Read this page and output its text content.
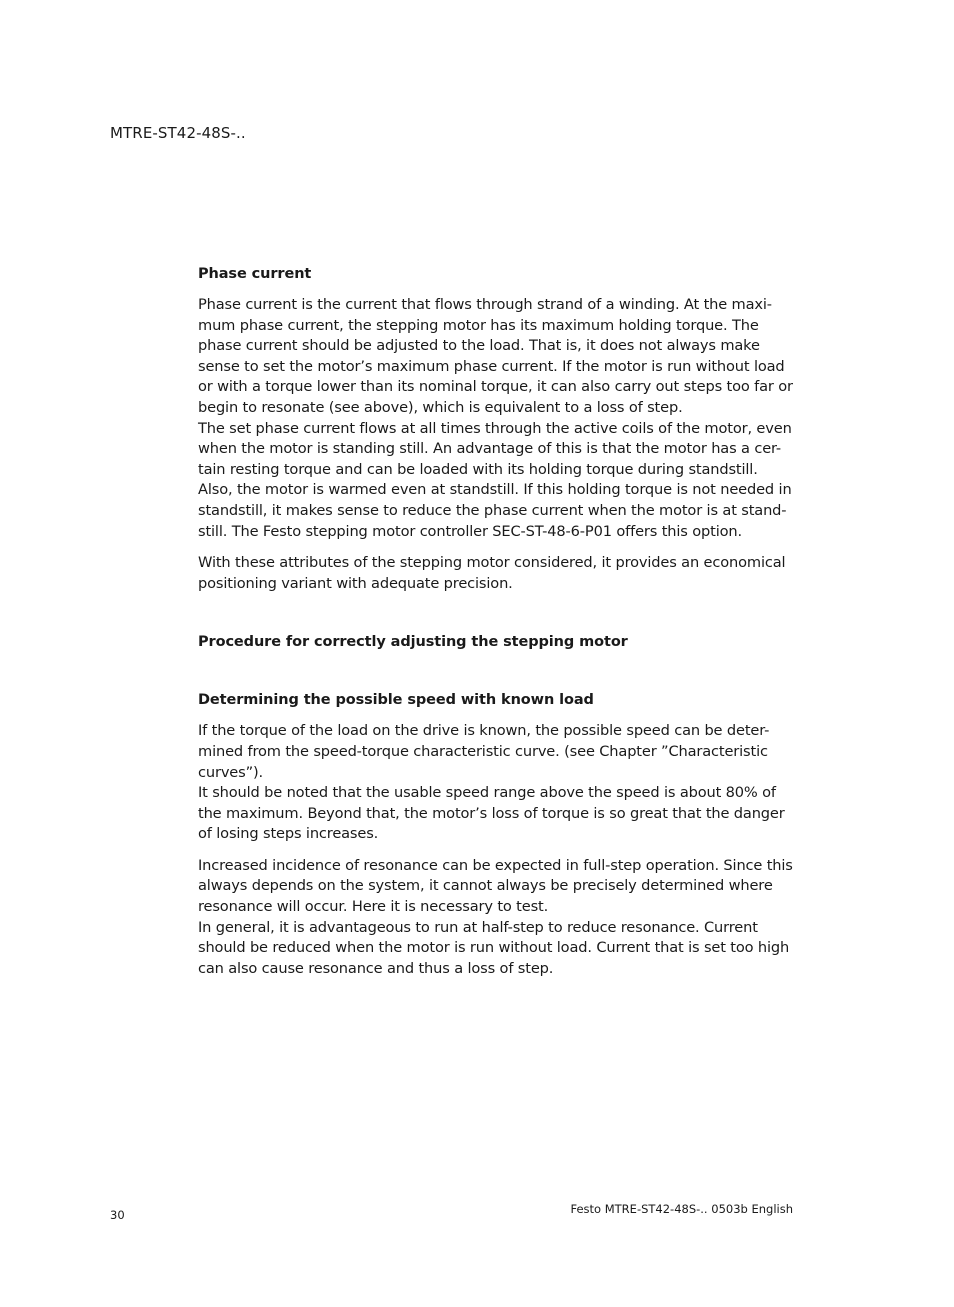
MTRE-ST42-48S-..
Phase current

Phase current is the current that flows through strand of a winding. At the maxi-
mum phase current, the stepping motor has its maximum holding torque. The
phase current should be adjusted to the load. That is, it does not always make
sense to set the motor’s maximum phase current. If the motor is run without load
or with a torque lower than its nominal torque, it can also carry out steps too far or
begin to resonate (see above), which is equivalent to a loss of step.
The set phase current flows at all times through the active coils of the motor, even
when the motor is standing still. An advantage of this is that the motor has a cer-
tain resting torque and can be loaded with its holding torque during standstill.
Also, the motor is warmed even at standstill. If this holding torque is not needed in
standstill, it makes sense to reduce the phase current when the motor is at stand-
still. The Festo stepping motor controller SEC-ST-48-6-P01 offers this option.

With these attributes of the stepping motor considered, it provides an economical
positioning variant with adequate precision.

Procedure for correctly adjusting the stepping motor
Determining the possible speed with known load

If the torque of the load on the drive is known, the possible speed can be deter-
mined from the speed-torque characteristic curve. (see Chapter ”Characteristic
curves”).
It should be noted that the usable speed range above the speed is about 80% of
the maximum. Beyond that, the motor’s loss of torque is so great that the danger
of losing steps increases.

Increased incidence of resonance can be expected in full-step operation. Since this
always depends on the system, it cannot always be precisely determined where
resonance will occur. Here it is necessary to test.
In general, it is advantageous to run at half-step to reduce resonance. Current
should be reduced when the motor is run without load. Current that is set too high
can also cause resonance and thus a loss of step.

30	Festo MTRE-ST42-48S-.. 0503b English
